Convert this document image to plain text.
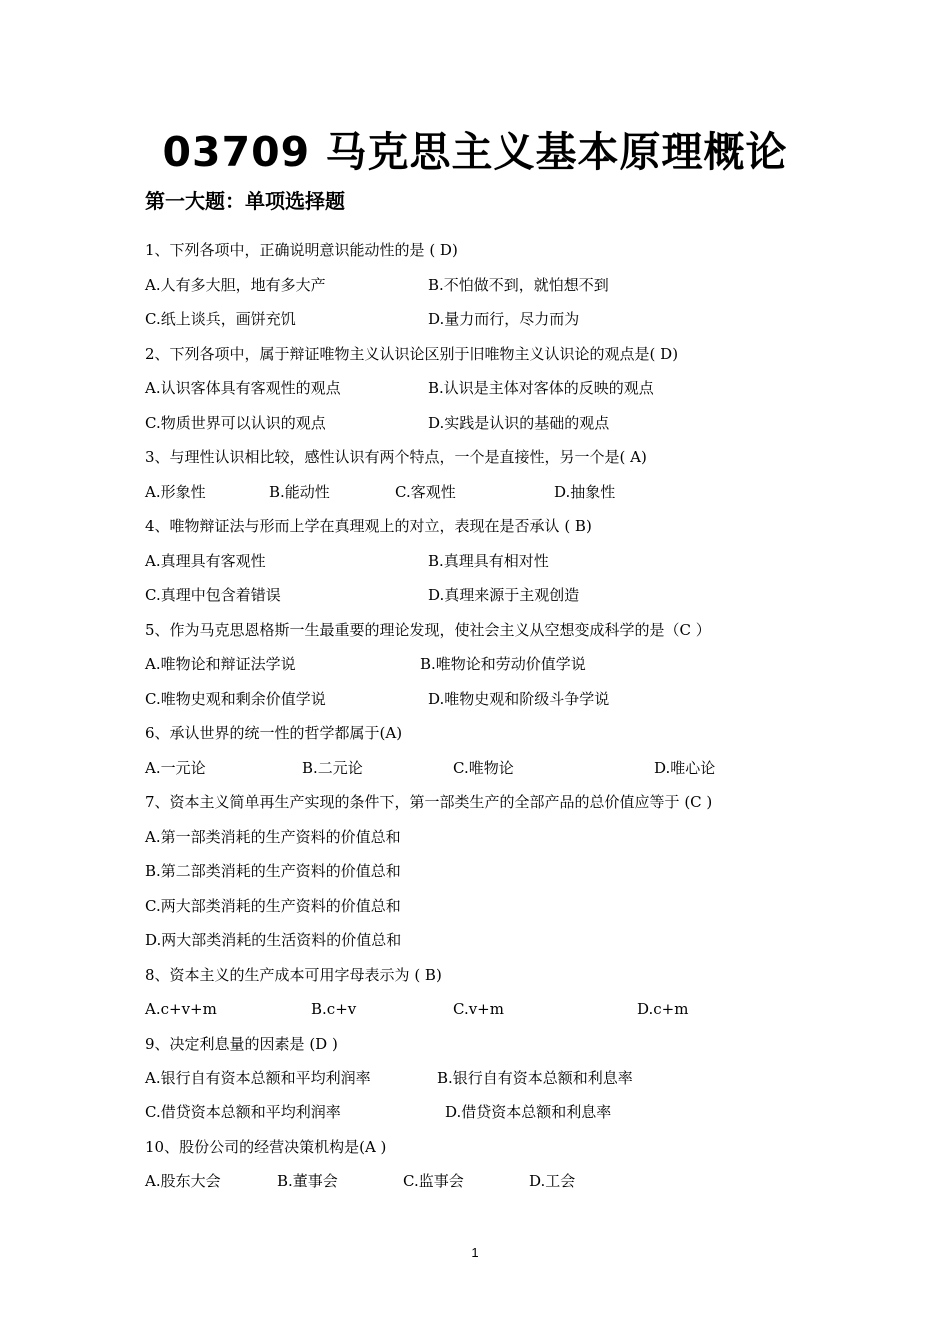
03709 马克思主义基本原理概论
第一大题：单项选择题
1、下列各项中，正确说明意识能动性的是 ( D)
A.人有多大胆，地有多大产	B.不怕做不到，就怕想不到
C.纸上谈兵，画饼充饥	D.量力而行，尽力而为
2、下列各项中，属于辩证唯物主义认识论区别于旧唯物主义认识论的观点是( D)
A.认识客体具有客观性的观点	B.认识是主体对客体的反映的观点
C.物质世界可以认识的观点	D.实践是认识的基础的观点
3、与理性认识相比较，感性认识有两个特点，一个是直接性，另一个是( A)
A.形象性	B.能动性	C.客观性	D.抽象性
4、唯物辩证法与形而上学在真理观上的对立，表现在是否承认 ( B)
A.真理具有客观性	B.真理具有相对性
C.真理中包含着错误	D.真理来源于主观创造
5、作为马克思恩格斯一生最重要的理论发现，使社会主义从空想变成科学的是（C ）
A.唯物论和辩证法学说	B.唯物论和劳动价值学说
C.唯物史观和剩余价值学说	D.唯物史观和阶级斗争学说
6、承认世界的统一性的哲学都属于(A)
A.一元论	B.二元论	C.唯物论	D.唯心论
7、资本主义简单再生产实现的条件下，第一部类生产的全部产品的总价值应等于 (C )
A.第一部类消耗的生产资料的价值总和
B.第二部类消耗的生产资料的价值总和
C.两大部类消耗的生产资料的价值总和
D.两大部类消耗的生活资料的价值总和
8、资本主义的生产成本可用字母表示为 ( B)
A.c+v+m	B.c+v	C.v+m	D.c+m
9、决定利息量的因素是 (D )
A.银行自有资本总额和平均利润率	B.银行自有资本总额和利息率
C.借贷资本总额和平均利润率	D.借贷资本总额和利息率
10、股份公司的经营决策机构是(A )
A.股东大会	B.董事会	C.监事会	D.工会
1
